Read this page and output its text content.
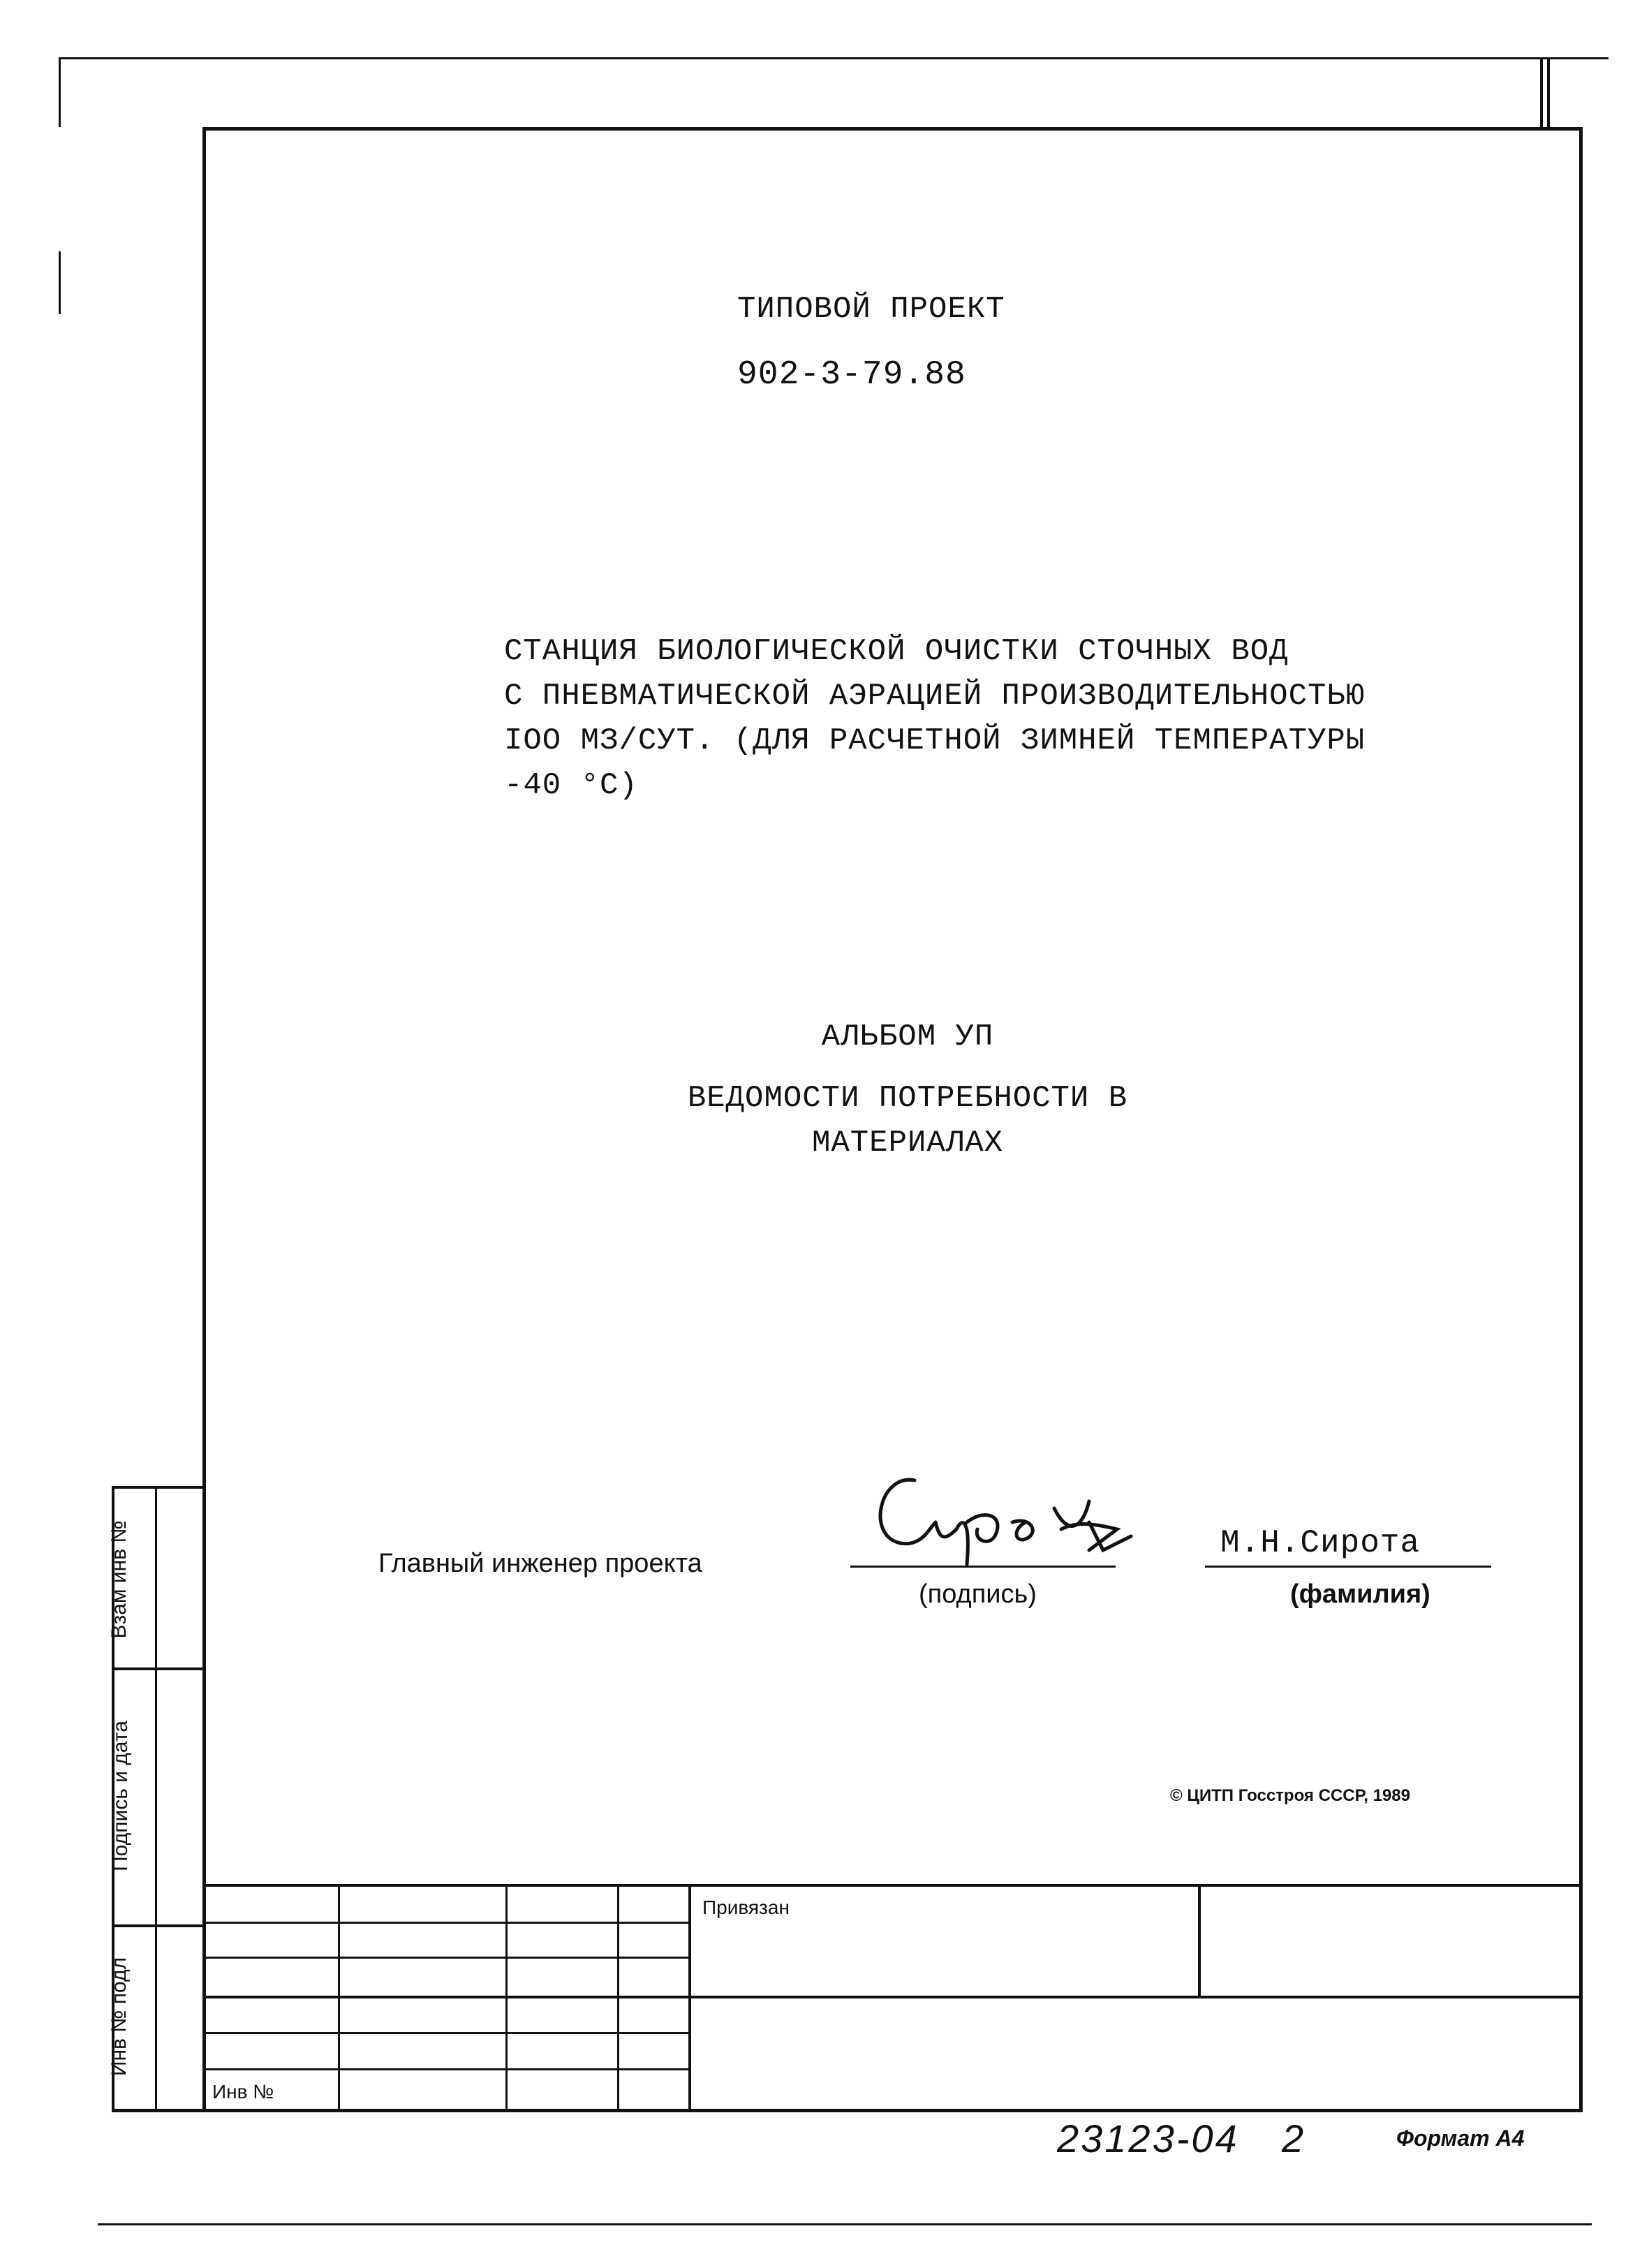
ТИПОВОЙ ПРОЕКТ
902-3-79.88
СТАНЦИЯ БИОЛОГИЧЕСКОЙ ОЧИСТКИ СТОЧНЫХ ВОД
С ПНЕВМАТИЧЕСКОЙ АЭРАЦИЕЙ ПРОИЗВОДИТЕЛЬНОСТЬЮ
IOO МЗ/СУТ. (ДЛЯ РАСЧЕТНОЙ ЗИМНЕЙ ТЕМПЕРАТУРЫ
-40 °С)
АЛЬБОМ УП
ВЕДОМОСТИ ПОТРЕБНОСТИ В
МАТЕРИАЛАХ
Главный инженер проекта
(подпись)
М.Н.Сирота
(фамилия)
© ЦИТП Госстроя СССР, 1989
Взам инв №
Подпись и дата
Инв № подл
Привязан
Инв №
23123-04 2	Формат А4
